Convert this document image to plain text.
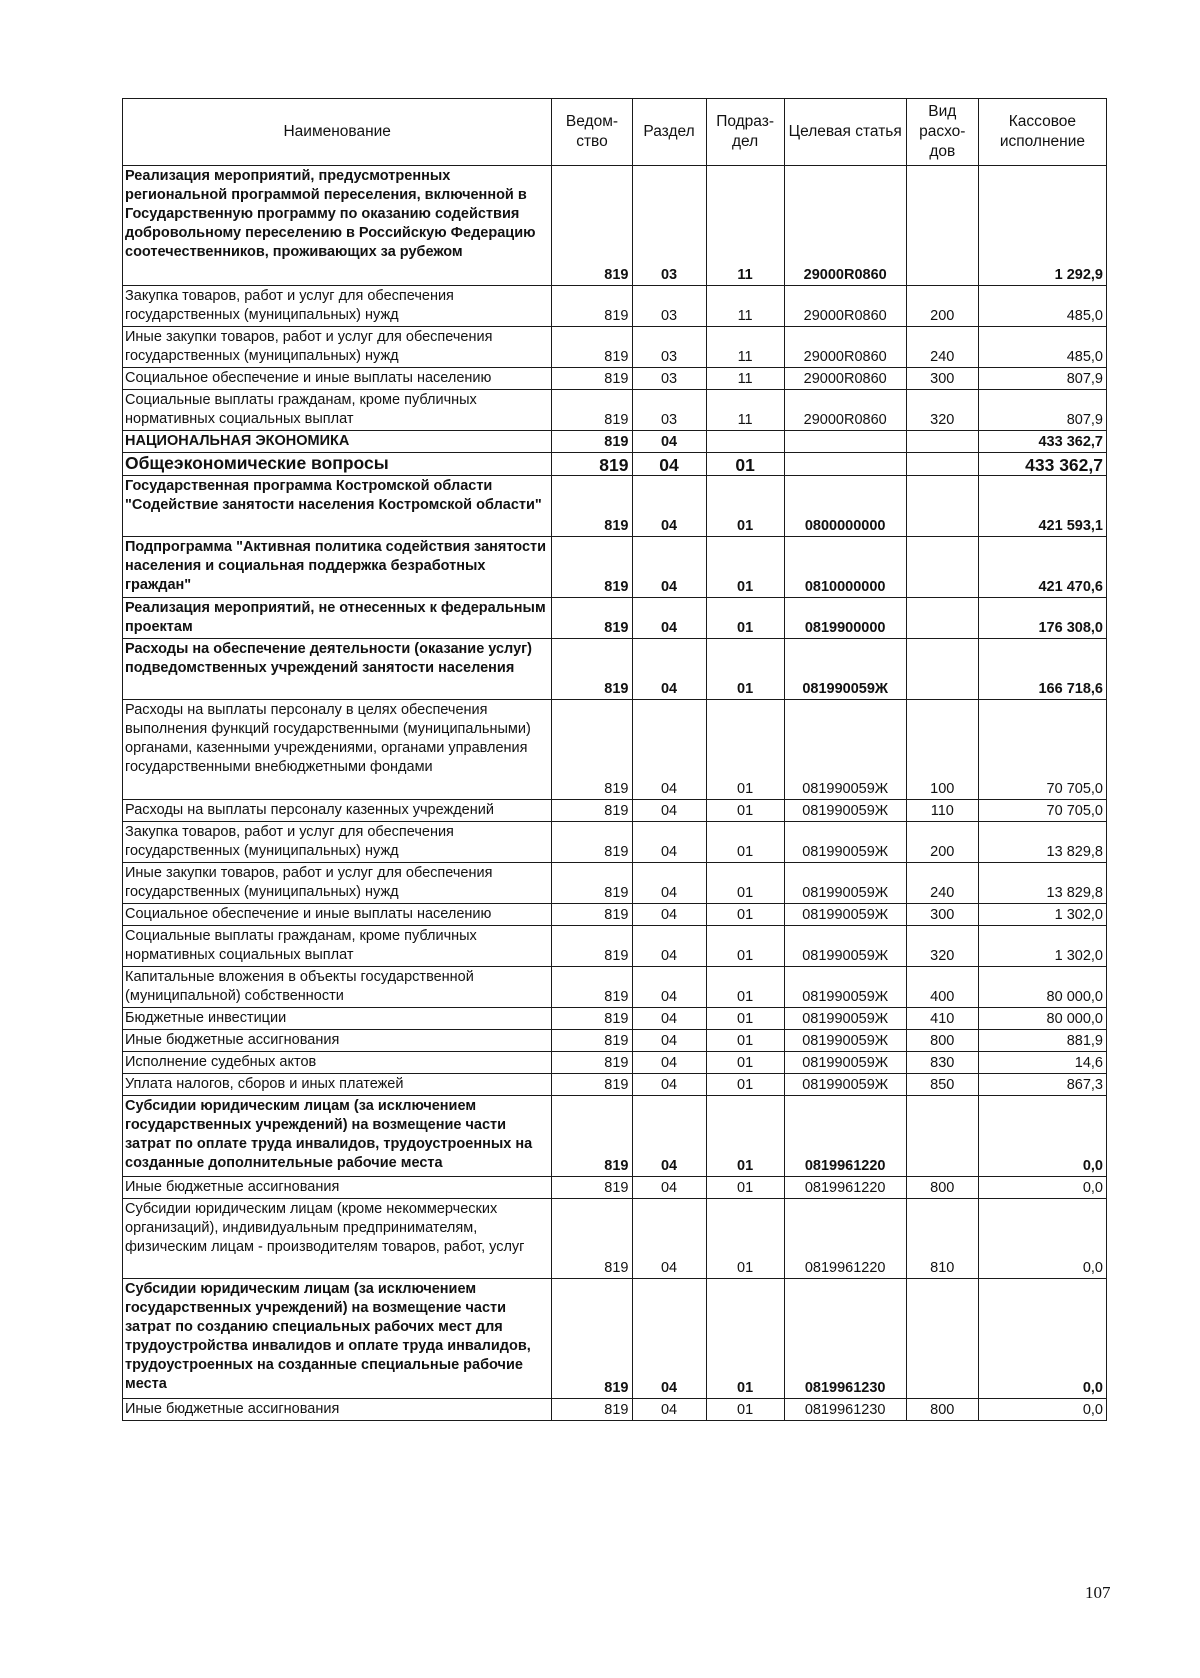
Наименование	Ведом-ство	Раздел	Подраз-дел	Целевая статья	Вид расхо-дов	Кассовое исполнение
Реализация мероприятий, предусмотренных региональной программой переселения, включенной в Государственную программу по оказанию содействия добровольному переселению в Российскую Федерацию соотечественников, проживающих за рубежом	819	03	11	29000R0860		1 292,9
Закупка товаров, работ и услуг для обеспечения государственных (муниципальных) нужд	819	03	11	29000R0860	200	485,0
Иные закупки товаров, работ и услуг для обеспечения государственных (муниципальных) нужд	819	03	11	29000R0860	240	485,0
Социальное обеспечение и иные выплаты населению	819	03	11	29000R0860	300	807,9
Социальные выплаты гражданам, кроме публичных нормативных социальных выплат	819	03	11	29000R0860	320	807,9
НАЦИОНАЛЬНАЯ ЭКОНОМИКА	819	04				433 362,7
Общеэкономические вопросы	819	04	01			433 362,7
Государственная программа Костромской области "Содействие занятости населения Костромской области"	819	04	01	0800000000		421 593,1
Подпрограмма "Активная политика содействия занятости населения и социальная поддержка безработных граждан"	819	04	01	0810000000		421 470,6
Реализация мероприятий, не отнесенных к федеральным проектам	819	04	01	0819900000		176 308,0
Расходы на обеспечение деятельности (оказание услуг) подведомственных учреждений занятости населения	819	04	01	081990059Ж		166 718,6
Расходы на выплаты персоналу в целях обеспечения выполнения функций государственными (муниципальными) органами, казенными учреждениями, органами управления государственными внебюджетными фондами	819	04	01	081990059Ж	100	70 705,0
Расходы на выплаты персоналу казенных учреждений	819	04	01	081990059Ж	110	70 705,0
Закупка товаров, работ и услуг для обеспечения государственных (муниципальных) нужд	819	04	01	081990059Ж	200	13 829,8
Иные закупки товаров, работ и услуг для обеспечения государственных (муниципальных) нужд	819	04	01	081990059Ж	240	13 829,8
Социальное обеспечение и иные выплаты населению	819	04	01	081990059Ж	300	1 302,0
Социальные выплаты гражданам, кроме публичных нормативных социальных выплат	819	04	01	081990059Ж	320	1 302,0
Капитальные вложения в объекты государственной (муниципальной) собственности	819	04	01	081990059Ж	400	80 000,0
Бюджетные инвестиции	819	04	01	081990059Ж	410	80 000,0
Иные бюджетные ассигнования	819	04	01	081990059Ж	800	881,9
Исполнение судебных актов	819	04	01	081990059Ж	830	14,6
Уплата налогов, сборов и иных платежей	819	04	01	081990059Ж	850	867,3
Субсидии юридическим лицам (за исключением государственных учреждений) на возмещение части затрат по оплате труда инвалидов, трудоустроенных на созданные дополнительные рабочие места	819	04	01	0819961220		0,0
Иные бюджетные ассигнования	819	04	01	0819961220	800	0,0
Субсидии юридическим лицам (кроме некоммерческих организаций), индивидуальным предпринимателям, физическим лицам - производителям товаров, работ, услуг	819	04	01	0819961220	810	0,0
Субсидии юридическим лицам (за исключением государственных учреждений) на возмещение части затрат по созданию специальных рабочих мест для трудоустройства инвалидов и оплате труда инвалидов, трудоустроенных на созданные специальные рабочие места	819	04	01	0819961230		0,0
Иные бюджетные ассигнования	819	04	01	0819961230	800	0,0
107
